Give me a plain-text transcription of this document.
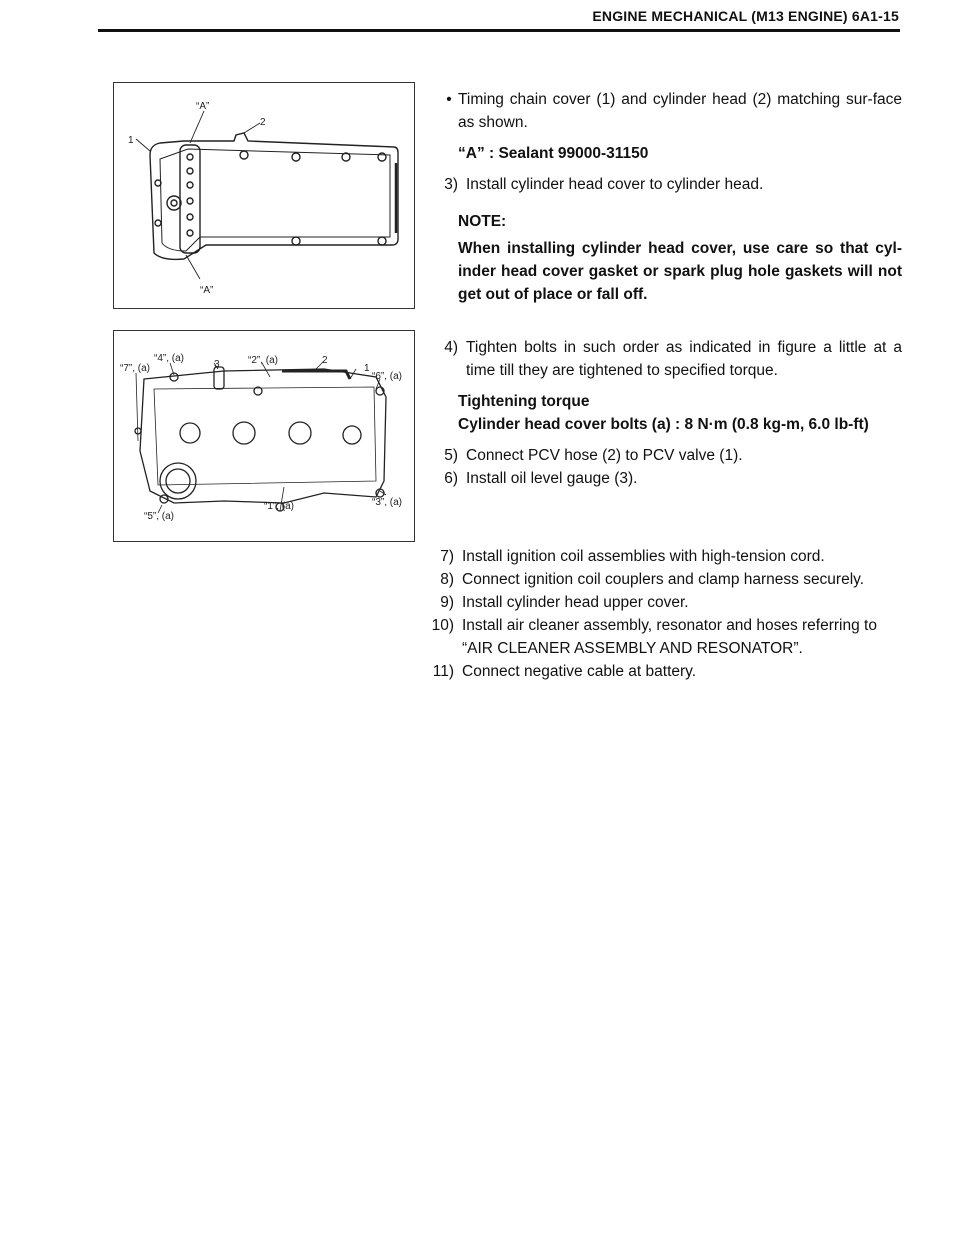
ENGINE MECHANICAL (M13 ENGINE) 6A1-15
“A”
2
1
“A”
“7”, (a)
“4”, (a)
3	“2”, (a)	2
1
“6”, (a)
“5”, (a)
“1”, (a)	“3”, (a)
• Timing chain cover (1) and cylinder head (2) matching sur-face as shown.
“A” : Sealant 99000-31150
3) Install cylinder head cover to cylinder head.
NOTE:
When installing cylinder head cover, use care so that cyl-inder head cover gasket or spark plug hole gaskets will not get out of place or fall off.
4) Tighten bolts in such order as indicated in figure a little at a time till they are tightened to specified torque.
Tightening torque
Cylinder head cover bolts (a) : 8 N·m (0.8 kg-m, 6.0 lb-ft)
5) Connect PCV hose (2) to PCV valve (1).
6) Install oil level gauge (3).
7) Install ignition coil assemblies with high-tension cord.
8) Connect ignition coil couplers and clamp harness securely.
9) Install cylinder head upper cover.
10) Install air cleaner assembly, resonator and hoses referring to “AIR CLEANER ASSEMBLY AND RESONATOR”.
11) Connect negative cable at battery.
carmanualsonline.info
